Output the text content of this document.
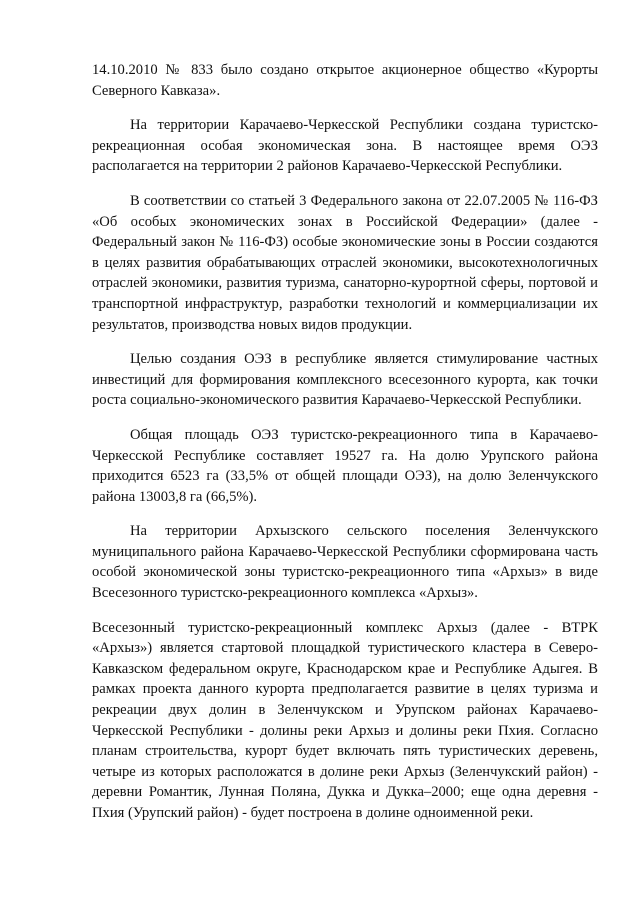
14.10.2010 № 833 было создано открытое акционерное общество «Курорты Северного Кавказа».

На территории Карачаево-Черкесской Республики создана туристско-рекреационная особая экономическая зона. В настоящее время ОЭЗ располагается на территории 2 районов Карачаево-Черкесской Республики.

В соответствии со статьей 3 Федерального закона от 22.07.2005 № 116-ФЗ «Об особых экономических зонах в Российской Федерации» (далее - Федеральный закон № 116-ФЗ) особые экономические зоны в России создаются в целях развития обрабатывающих отраслей экономики, высокотехнологичных отраслей экономики, развития туризма, санаторно-курортной сферы, портовой и транспортной инфраструктур, разработки технологий и коммерциализации их результатов, производства новых видов продукции.

Целью создания ОЭЗ в республике является стимулирование частных инвестиций для формирования комплексного всесезонного курорта, как точки роста социально-экономического развития Карачаево-Черкесской Республики.

Общая площадь ОЭЗ туристско-рекреационного типа в Карачаево-Черкесской Республике составляет 19527 га. На долю Урупского района приходится 6523 га (33,5% от общей площади ОЭЗ), на долю Зеленчукского района 13003,8 га (66,5%).

На территории Архызского сельского поселения Зеленчукского муниципального района Карачаево-Черкесской Республики сформирована часть особой экономической зоны туристско-рекреационного типа «Архыз» в виде Всесезонного туристско-рекреационного комплекса «Архыз».

Всесезонный туристско-рекреационный комплекс Архыз (далее - ВТРК «Архыз») является стартовой площадкой туристического кластера в Северо-Кавказском федеральном округе, Краснодарском крае и Республике Адыгея. В рамках проекта данного курорта предполагается развитие в целях туризма и рекреации двух долин в Зеленчукском и Урупском районах Карачаево-Черкесской Республики - долины реки Архыз и долины реки Пхия. Согласно планам строительства, курорт будет включать пять туристических деревень, четыре из которых расположатся в долине реки Архыз (Зеленчукский район) - деревни Романтик, Лунная Поляна, Дукка и Дукка–2000; еще одна деревня - Пхия (Урупский район) - будет построена в долине одноименной реки.
